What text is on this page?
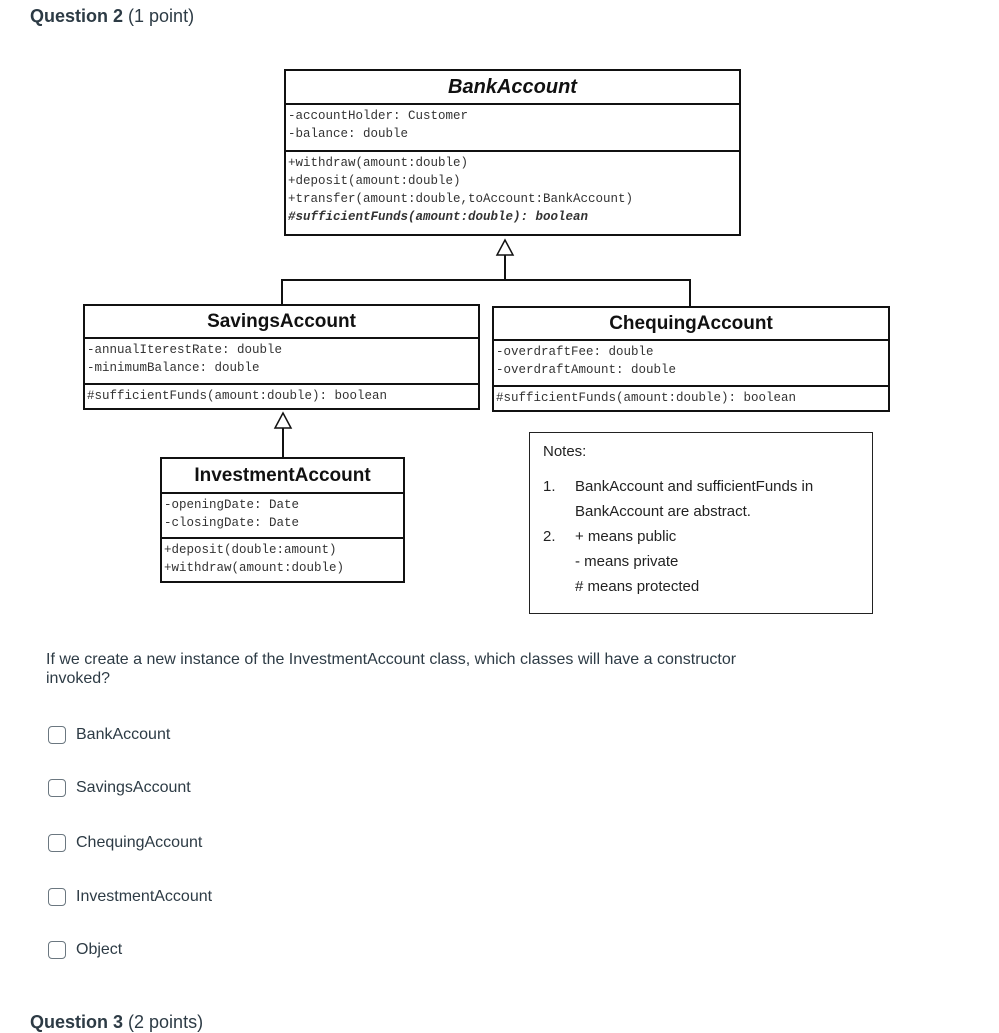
Question 2 (1 point)
BankAccount
-accountHolder: Customer
-balance: double
+withdraw(amount:double)
+deposit(amount:double)
+transfer(amount:double,toAccount:BankAccount)
#sufficientFunds(amount:double): boolean
SavingsAccount
-annualIterestRate: double
-minimumBalance: double
#sufficientFunds(amount:double): boolean
ChequingAccount
-overdraftFee: double
-overdraftAmount: double
#sufficientFunds(amount:double): boolean
InvestmentAccount
-openingDate: Date
-closingDate: Date
+deposit(double:amount)
+withdraw(amount:double)
Notes:
1.	BankAccount and sufficientFunds in
BankAccount are abstract.
2.	+ means public
- means private
# means protected
If we create a new instance of the InvestmentAccount class, which classes will have a constructor invoked?
BankAccount
SavingsAccount
ChequingAccount
InvestmentAccount
Object
Question 3 (2 points)
